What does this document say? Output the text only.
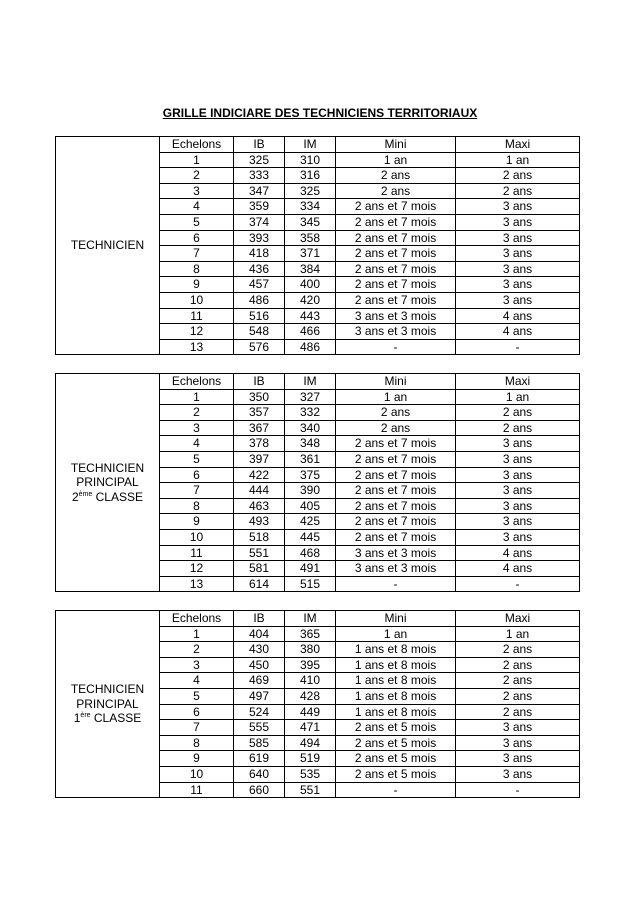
GRILLE INDICIARE DES TECHNICIENS TERRITORIAUX
TECHNICIEN	Echelons	IB	IM	Mini	Maxi
	1	325	310	1 an	1 an
	2	333	316	2 ans	2 ans
	3	347	325	2 ans	2 ans
	4	359	334	2 ans et 7 mois	3 ans
	5	374	345	2 ans et 7 mois	3 ans
	6	393	358	2 ans et 7 mois	3 ans
	7	418	371	2 ans et 7 mois	3 ans
	8	436	384	2 ans et 7 mois	3 ans
	9	457	400	2 ans et 7 mois	3 ans
	10	486	420	2 ans et 7 mois	3 ans
	11	516	443	3 ans et 3 mois	4 ans
	12	548	466	3 ans et 3 mois	4 ans
	13	576	486	-	-
TECHNICIEN
PRINCIPAL
2ème CLASSE	Echelons	IB	IM	Mini	Maxi
	1	350	327	1 an	1 an
	2	357	332	2 ans	2 ans
	3	367	340	2 ans	2 ans
	4	378	348	2 ans et 7 mois	3 ans
	5	397	361	2 ans et 7 mois	3 ans
	6	422	375	2 ans et 7 mois	3 ans
	7	444	390	2 ans et 7 mois	3 ans
	8	463	405	2 ans et 7 mois	3 ans
	9	493	425	2 ans et 7 mois	3 ans
	10	518	445	2 ans et 7 mois	3 ans
	11	551	468	3 ans et 3 mois	4 ans
	12	581	491	3 ans et 3 mois	4 ans
	13	614	515	-	-
TECHNICIEN
PRINCIPAL
1ère CLASSE	Echelons	IB	IM	Mini	Maxi
	1	404	365	1 an	1 an
	2	430	380	1 ans et 8 mois	2 ans
	3	450	395	1 ans et 8 mois	2 ans
	4	469	410	1 ans et 8 mois	2 ans
	5	497	428	1 ans et 8 mois	2 ans
	6	524	449	1 ans et 8 mois	2 ans
	7	555	471	2 ans et 5 mois	3 ans
	8	585	494	2 ans et 5 mois	3 ans
	9	619	519	2 ans et 5 mois	3 ans
	10	640	535	2 ans et 5 mois	3 ans
	11	660	551	-	-
